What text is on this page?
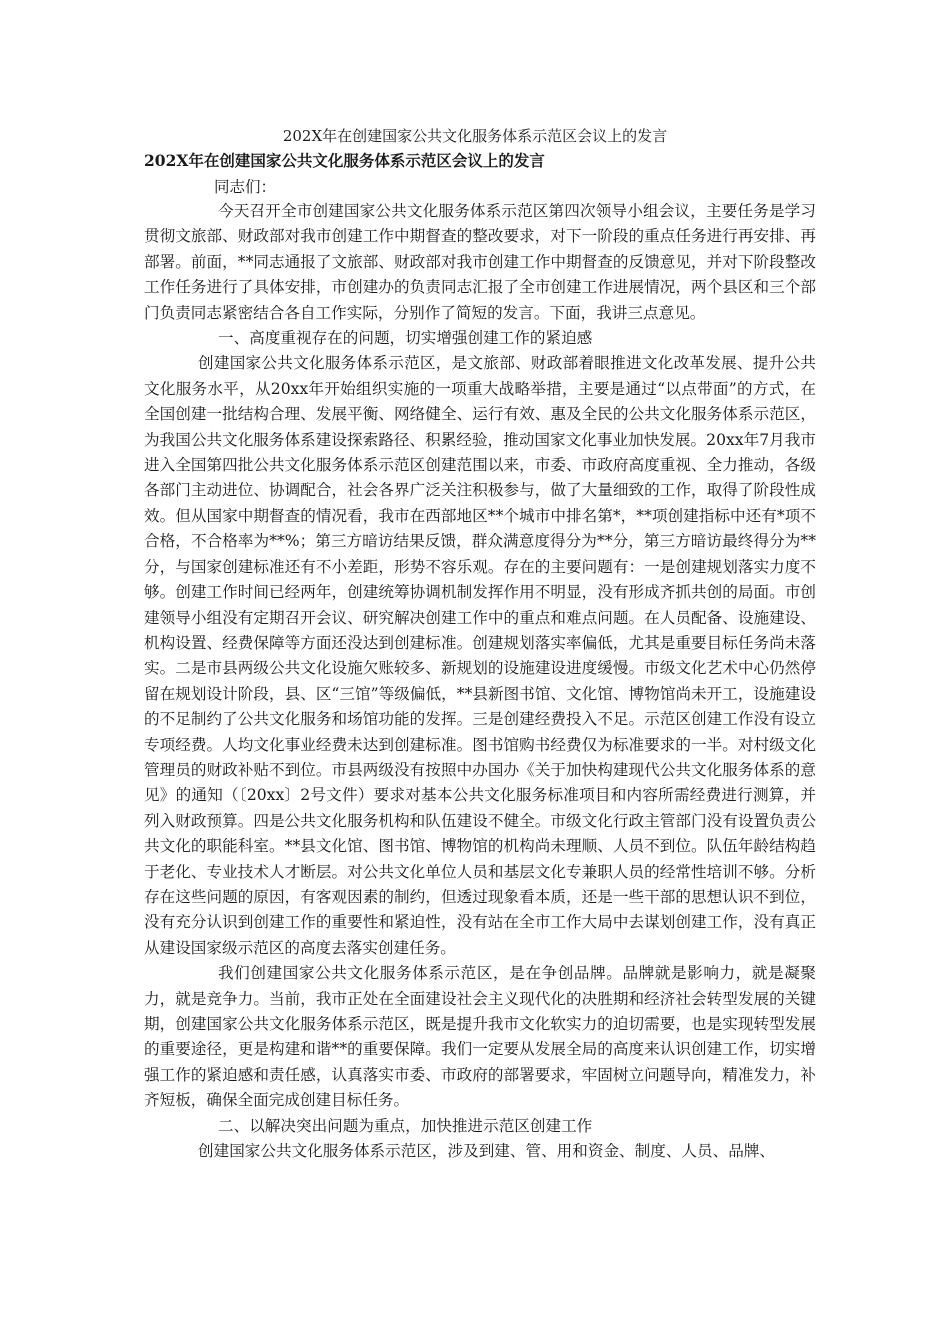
202X年在创建国家公共文化服务体系示范区会议上的发言
202X年在创建国家公共文化服务体系示范区会议上的发言
同志们：

今天召开全市创建国家公共文化服务体系示范区第四次领导小组会议，主要任务是学习贯彻文旅部、财政部对我市创建工作中期督查的整改要求，对下一阶段的重点任务进行再安排、再部署。前面，**同志通报了文旅部、财政部对我市创建工作中期督查的反馈意见，并对下阶段整改工作任务进行了具体安排，市创建办的负责同志汇报了全市创建工作进展情况，两个县区和三个部门负责同志紧密结合各自工作实际，分别作了简短的发言。下面，我讲三点意见。

一、高度重视存在的问题，切实增强创建工作的紧迫感

创建国家公共文化服务体系示范区，是文旅部、财政部着眼推进文化改革发展、提升公共文化服务水平，从20xx年开始组织实施的一项重大战略举措，主要是通过“以点带面”的方式，在全国创建一批结构合理、发展平衡、网络健全、运行有效、惠及全民的公共文化服务体系示范区，为我国公共文化服务体系建设探索路径、积累经验，推动国家文化事业加快发展。20xx年7月我市进入全国第四批公共文化服务体系示范区创建范围以来，市委、市政府高度重视、全力推动，各级各部门主动进位、协调配合，社会各界广泛关注积极参与，做了大量细致的工作，取得了阶段性成效。但从国家中期督查的情况看，我市在西部地区**个城市中排名第*，**项创建指标中还有*项不合格，不合格率为**%；第三方暗访结果反馈，群众满意度得分为**分，第三方暗访最终得分为**分，与国家创建标准还有不小差距，形势不容乐观。存在的主要问题有：一是创建规划落实力度不够。创建工作时间已经两年，创建统筹协调机制发挥作用不明显，没有形成齐抓共创的局面。市创建领导小组没有定期召开会议、研究解决创建工作中的重点和难点问题。在人员配备、设施建设、机构设置、经费保障等方面还没达到创建标准。创建规划落实率偏低，尤其是重要目标任务尚未落实。二是市县两级公共文化设施欠账较多、新规划的设施建设进度缓慢。市级文化艺术中心仍然停留在规划设计阶段，县、区“三馆”等级偏低，**县新图书馆、文化馆、博物馆尚未开工，设施建设的不足制约了公共文化服务和场馆功能的发挥。三是创建经费投入不足。示范区创建工作没有设立专项经费。人均文化事业经费未达到创建标准。图书馆购书经费仅为标准要求的一半。对村级文化管理员的财政补贴不到位。市县两级没有按照中办国办《关于加快构建现代公共文化服务体系的意见》的通知（〔20xx〕2号文件）要求对基本公共文化服务标准项目和内容所需经费进行测算，并列入财政预算。四是公共文化服务机构和队伍建设不健全。市级文化行政主管部门没有设置负责公共文化的职能科室。**县文化馆、图书馆、博物馆的机构尚未理顺、人员不到位。队伍年龄结构趋于老化、专业技术人才断层。对公共文化单位人员和基层文化专兼职人员的经常性培训不够。分析存在这些问题的原因，有客观因素的制约，但透过现象看本质，还是一些干部的思想认识不到位，没有充分认识到创建工作的重要性和紧迫性，没有站在全市工作大局中去谋划创建工作，没有真正从建设国家级示范区的高度去落实创建任务。

我们创建国家公共文化服务体系示范区，是在争创品牌。品牌就是影响力，就是凝聚力，就是竞争力。当前，我市正处在全面建设社会主义现代化的决胜期和经济社会转型发展的关键期，创建国家公共文化服务体系示范区，既是提升我市文化软实力的迫切需要，也是实现转型发展的重要途径，更是构建和谐**的重要保障。我们一定要从发展全局的高度来认识创建工作，切实增强工作的紧迫感和责任感，认真落实市委、市政府的部署要求，牢固树立问题导向，精准发力，补齐短板，确保全面完成创建目标任务。

二、以解决突出问题为重点，加快推进示范区创建工作

创建国家公共文化服务体系示范区，涉及到建、管、用和资金、制度、人员、品牌、
